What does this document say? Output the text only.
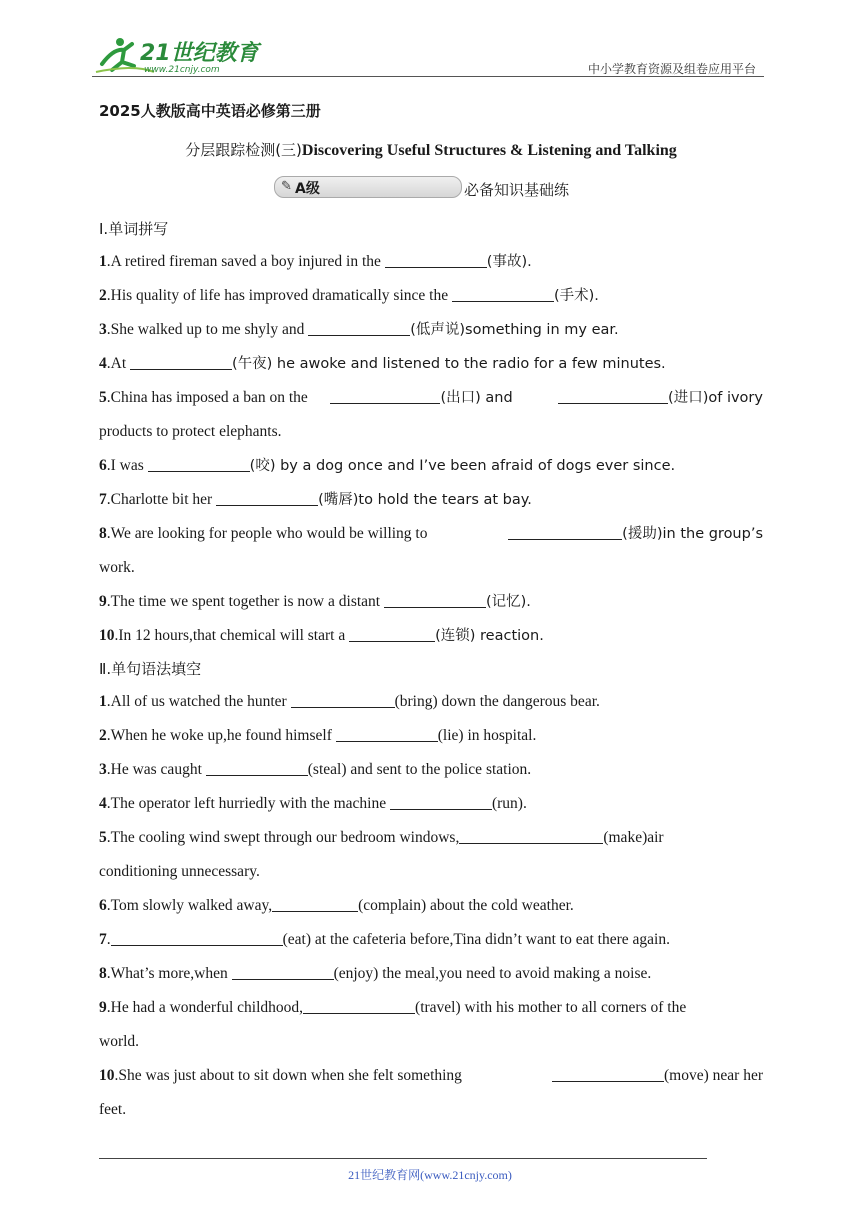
21世纪教育
www.21cnjy.com	中小学教育资源及组卷应用平台
2025人教版高中英语必修第三册
分层跟踪检测(三)Discovering Useful Structures & Listening and Talking
✎ A级	必备知识基础练
Ⅰ.单词拼写
1.A retired fireman saved a boy injured in the	(事故).
2.His quality of life has improved dramatically since the	(手术).
3.She walked up to me shyly and	(低声说)something in my ear.
4.At	(午夜) he awoke and listened to the radio for a few minutes.
5.China has imposed a ban on the	(出口) and	(进口)of ivory
products to protect elephants.
6.I was	(咬) by a dog once and I’ve been afraid of dogs ever since.
7.Charlotte bit her	(嘴唇)to hold the tears at bay.
8.We are looking for people who would be willing to	(援助)in the group’s
work.
9.The time we spent together is now a distant	(记忆).
10.In 12 hours,that chemical will start a	(连锁) reaction.
Ⅱ.单句语法填空
1.All of us watched the hunter	(bring) down the dangerous bear.
2.When he woke up,he found himself	(lie) in hospital.
3.He was caught	(steal) and sent to the police station.
4.The operator left hurriedly with the machine	(run).
5.The cooling wind swept through our bedroom windows,	(make)air
conditioning unnecessary.
6.Tom slowly walked away,	(complain) about the cold weather.
7.	(eat) at the cafeteria before,Tina didn’t want to eat there again.
8.What’s more,when	(enjoy) the meal,you need to avoid making a noise.
9.He had a wonderful childhood,	(travel) with his mother to all corners of the
world.
10.She was just about to sit down when she felt something	(move) near her
feet.
21世纪教育网(www.21cnjy.com)
